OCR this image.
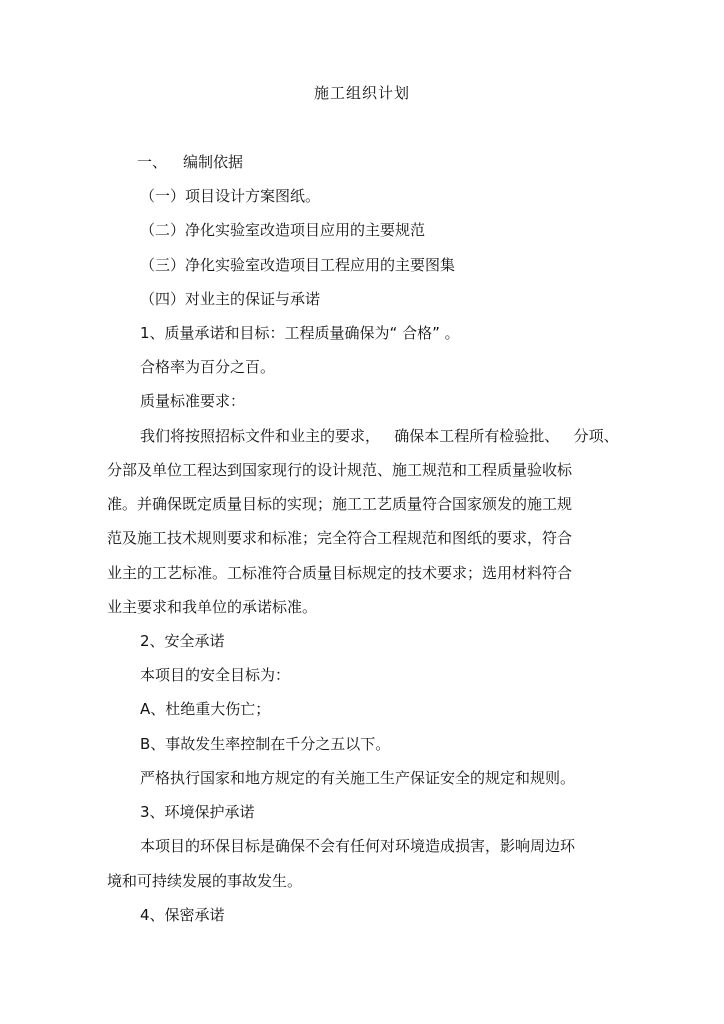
施工组织计划
一、 编制依据
（一）项目设计方案图纸。
（二）净化实验室改造项目应用的主要规范
（三）净化实验室改造项目工程应用的主要图集
（四）对业主的保证与承诺
1、质量承诺和目标：工程质量确保为“ 合格” 。
合格率为百分之百。
质量标准要求：
我们将按照招标文件和业主的要求，   确保本工程所有检验批、   分项、
分部及单位工程达到国家现行的设计规范、施工规范和工程质量验收标
准。并确保既定质量目标的实现；施工工艺质量符合国家颁发的施工规
范及施工技术规则要求和标准；完全符合工程规范和图纸的要求，符合
业主的工艺标准。工标准符合质量目标规定的技术要求；选用材料符合
业主要求和我单位的承诺标准。
2、安全承诺
本项目的安全目标为：
A、杜绝重大伤亡；
B、事故发生率控制在千分之五以下。
严格执行国家和地方规定的有关施工生产保证安全的规定和规则。
3、环境保护承诺
本项目的环保目标是确保不会有任何对环境造成损害，影响周边环
境和可持续发展的事故发生。
4、保密承诺
